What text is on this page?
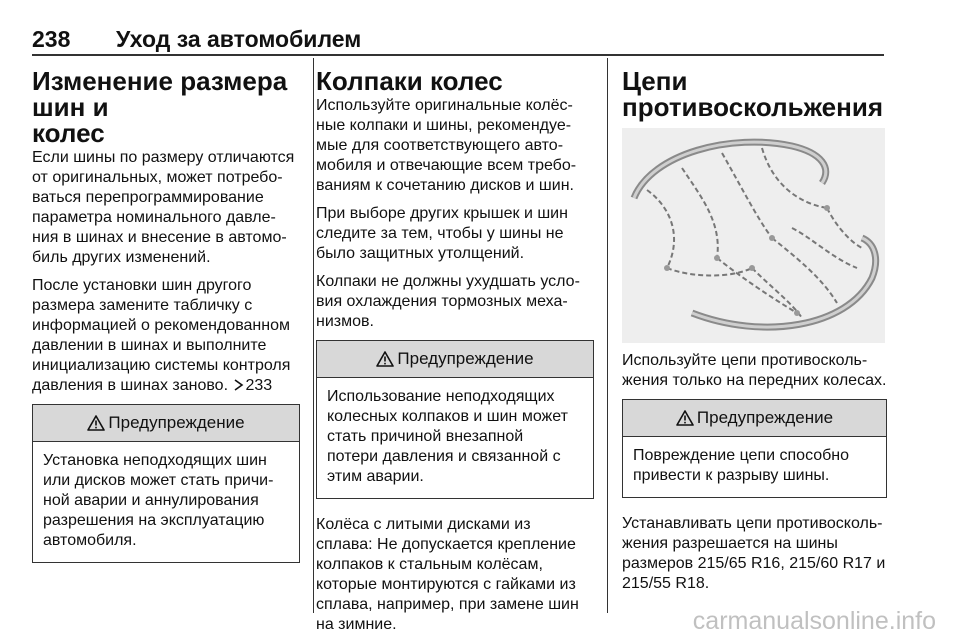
238 Уход за автомобилем
Изменение размера шин и
колес
Если шины по размеру отличаются
от оригинальных, может потребо-
ваться перепрограммирование
параметра номинального давле-
ния в шинах и внесение в автомо-
биль других изменений.
После установки шин другого
размера замените табличку с
информацией о рекомендованном
давлении в шинах и выполните
инициализацию системы контроля
давления в шинах заново. 233
Предупреждение
Установка неподходящих шин
или дисков может стать причи-
ной аварии и аннулирования
разрешения на эксплуатацию
автомобиля.
Колпаки колес
Используйте оригинальные колёс-
ные колпаки и шины, рекомендуе-
мые для соответствующего авто-
мобиля и отвечающие всем требо-
ваниям к сочетанию дисков и шин.
При выборе других крышек и шин
следите за тем, чтобы у шины не
было защитных утолщений.
Колпаки не должны ухудшать усло-
вия охлаждения тормозных меха-
низмов.
Предупреждение
Использование неподходящих
колесных колпаков и шин может
стать причиной внезапной
потери давления и связанной с
этим аварии.
Колёса с литыми дисками из
сплава: Не допускается крепление
колпаков к стальным колёсам,
которые монтируются с гайками из
сплава, например, при замене шин
на зимние.
Цепи противоскольжения
Используйте цепи противосколь-
жения только на передних колесах.
Предупреждение
Повреждение цепи способно
привести к разрыву шины.
Устанавливать цепи противосколь-
жения разрешается на шины
размеров 215/65 R16, 215/60 R17 и
215/55 R18.
carmanualsonline.info
